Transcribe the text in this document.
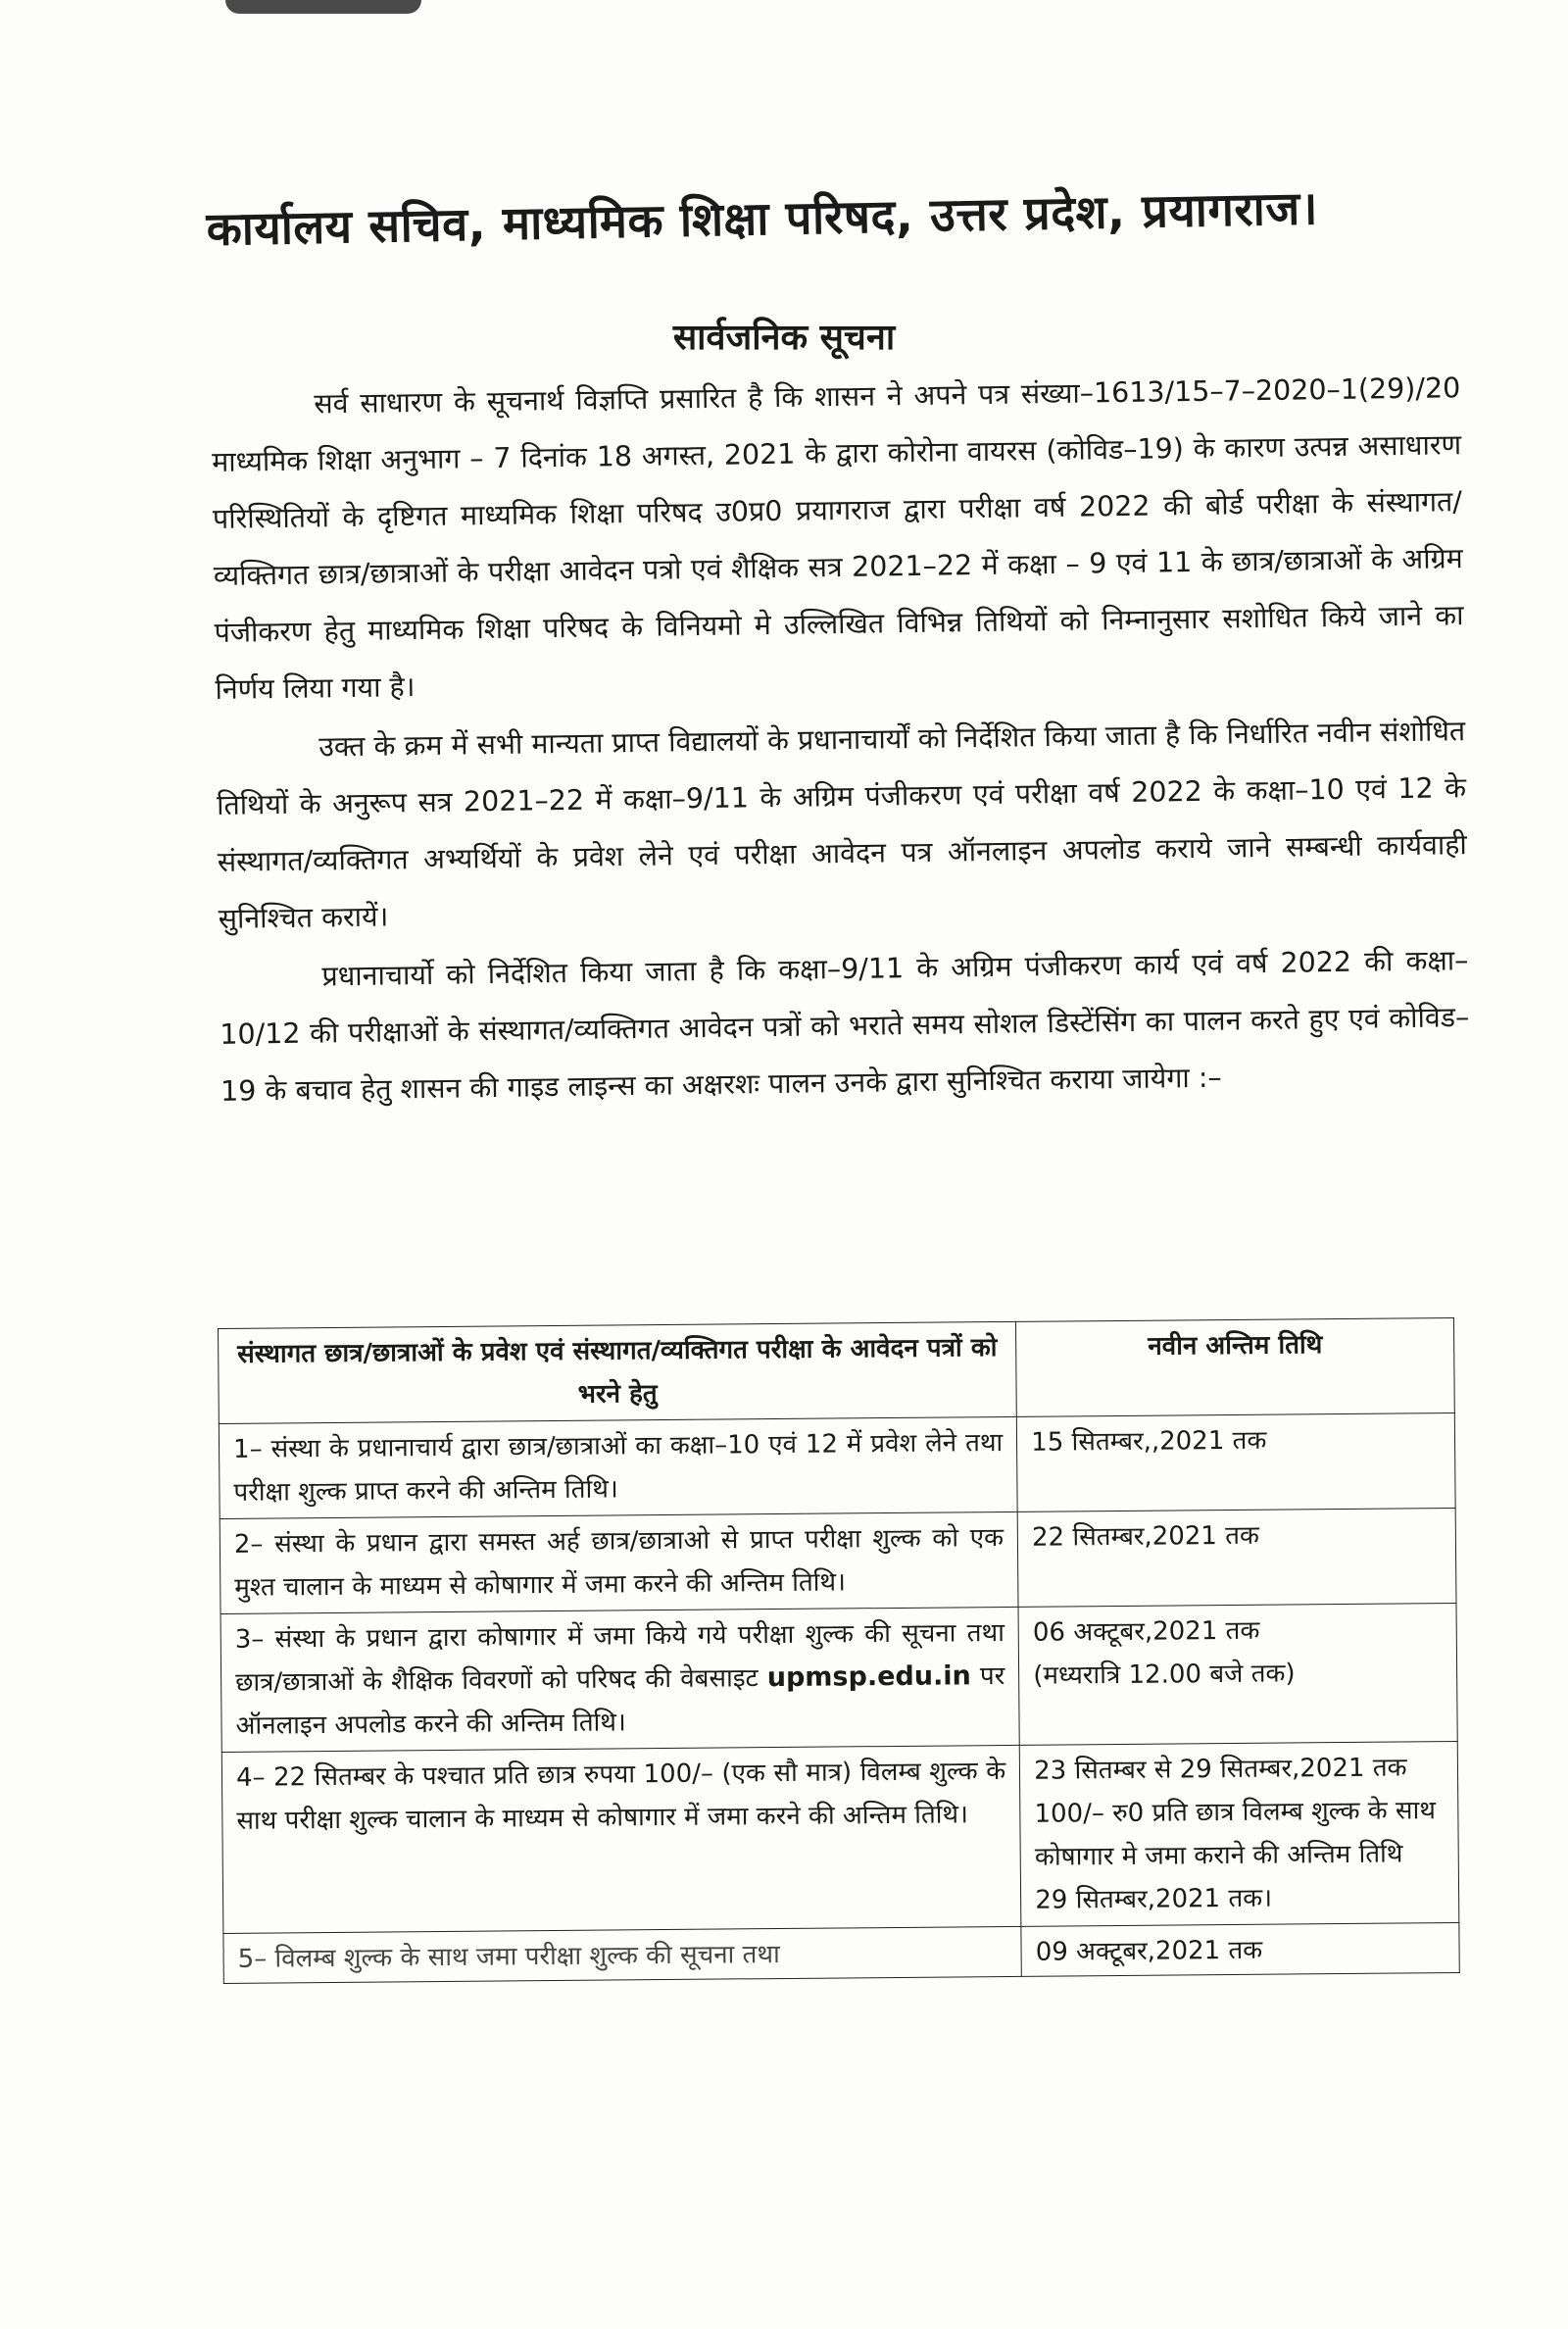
कार्यालय सचिव, माध्यमिक शिक्षा परिषद, उत्तर प्रदेश, प्रयागराज।
सार्वजनिक सूचना

सर्व साधारण के सूचनार्थ विज्ञप्ति प्रसारित है कि शासन ने अपने पत्र संख्या–1613/15–7–2020–1(29)/20 माध्यमिक शिक्षा अनुभाग – 7 दिनांक 18 अगस्त, 2021 के द्वारा कोरोना वायरस (कोविड–19) के कारण उत्पन्न असाधारण परिस्थितियों के दृष्टिगत माध्यमिक शिक्षा परिषद उ0प्र0 प्रयागराज द्वारा परीक्षा वर्ष 2022 की बोर्ड परीक्षा के संस्थागत/व्यक्तिगत छात्र/छात्राओं के परीक्षा आवेदन पत्रो एवं शैक्षिक सत्र 2021–22 में कक्षा – 9 एवं 11 के छात्र/छात्राओं के अग्रिम पंजीकरण हेतु माध्यमिक शिक्षा परिषद के विनियमो मे उल्लिखित विभिन्न तिथियों को निम्नानुसार सशोधित किये जाने का निर्णय लिया गया है।

उक्त के क्रम में सभी मान्यता प्राप्त विद्यालयों के प्रधानाचार्यों को निर्देशित किया जाता है कि निर्धारित नवीन संशोधित तिथियों के अनुरूप सत्र 2021–22 में कक्षा–9/11 के अग्रिम पंजीकरण एवं परीक्षा वर्ष 2022 के कक्षा–10 एवं 12 के संस्थागत/व्यक्तिगत अभ्यर्थियों के प्रवेश लेने एवं परीक्षा आवेदन पत्र ऑनलाइन अपलोड कराये जाने सम्बन्धी कार्यवाही सुनिश्चित करायें।

प्रधानाचार्यो को निर्देशित किया जाता है कि कक्षा–9/11 के अग्रिम पंजीकरण कार्य एवं वर्ष 2022 की कक्षा–10/12 की परीक्षाओं के संस्थागत/व्यक्तिगत आवेदन पत्रों को भराते समय सोशल डिस्टेंसिंग का पालन करते हुए एवं कोविड–19 के बचाव हेतु शासन की गाइड लाइन्स का अक्षरशः पालन उनके द्वारा सुनिश्चित कराया जायेगा :–

संस्थागत छात्र/छात्राओं के प्रवेश एवं संस्थागत/व्यक्तिगत परीक्षा के आवेदन पत्रों को भरने हेतु	नवीन अन्तिम तिथि
1– संस्था के प्रधानाचार्य द्वारा छात्र/छात्राओं का कक्षा–10 एवं 12 में प्रवेश लेने तथा परीक्षा शुल्क प्राप्त करने की अन्तिम तिथि।	15 सितम्बर,,2021 तक
2– संस्था के प्रधान द्वारा समस्त अर्ह छात्र/छात्राओ से प्राप्त परीक्षा शुल्क को एक मुश्त चालान के माध्यम से कोषागार में जमा करने की अन्तिम तिथि।	22 सितम्बर,2021 तक
3– संस्था के प्रधान द्वारा कोषागार में जमा किये गये परीक्षा शुल्क की सूचना तथा छात्र/छात्राओं के शैक्षिक विवरणों को परिषद की वेबसाइट upmsp.edu.in पर ऑनलाइन अपलोड करने की अन्तिम तिथि।	06 अक्टूबर,2021 तक
(मध्यरात्रि 12.00 बजे तक)

4– 22 सितम्बर के पश्चात प्रति छात्र रुपया 100/– (एक सौ मात्र) विलम्ब शुल्क के साथ परीक्षा शुल्क चालान के माध्यम से कोषागार में जमा करने की अन्तिम तिथि।	23 सितम्बर से 29 सितम्बर,2021 तक 100/– रु0 प्रति छात्र विलम्ब शुल्क के साथ कोषागार मे जमा कराने की अन्तिम तिथि
29 सितम्बर,2021 तक।

5– विलम्ब शुल्क के साथ जमा परीक्षा शुल्क की सूचना तथा	09 अक्टूबर,2021 तक
